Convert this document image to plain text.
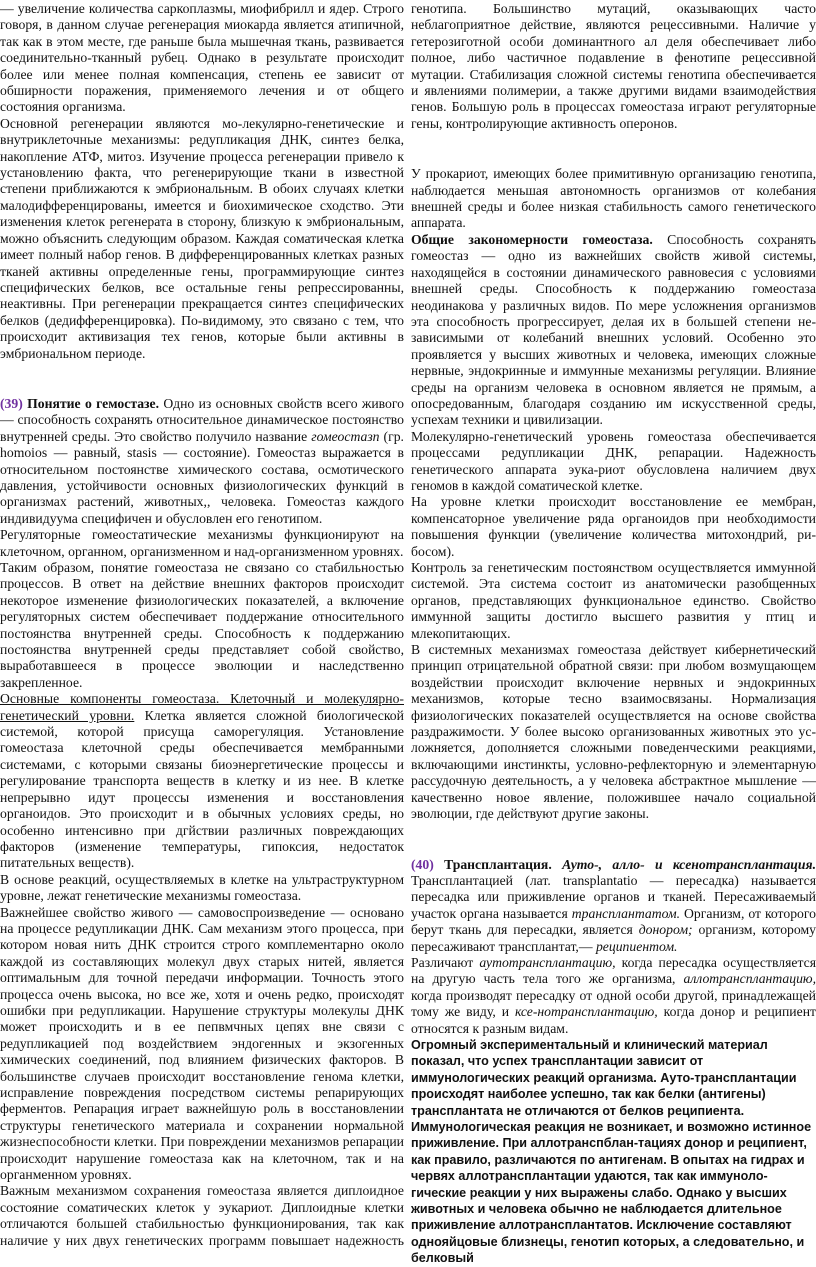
— увеличение количества саркоплазмы, миофибрилл и ядер. Строго говоря, в данном случае регенерация миокарда является атипичной, так как в этом месте, где раньше была мышечная ткань, развивается соединительно-тканный рубец. Однако в результате происходит более или менее полная компенсация, степень ее зависит от обширности поражения, применяемого лечения и от общего состояния организма.

Основной регенерации являются мо-лекулярно-генетические и внутриклеточные механизмы: редупликация ДНК, синтез белка, накопление АТФ, митоз. Изучение процесса регенерации привело к установлению факта, что регенерирующие ткани в известной степени приближаются к эмбриональным. В обоих случаях клетки малодифференцированы, имеется и биохимическое сходство. Эти изменения клеток регенерата в сторону, близкую к эмбриональным, можно объяснить следующим образом. Каждая соматическая клетка имеет полный набор генов. В дифференцированных клетках разных тканей активны определенные гены, программирующие синтез специфических белков, все остальные гены репрессированны, неактивны. При регенерации прекращается синтез специфических белков (дедифференцировка). По-видимому, это связано с тем, что происходит активизация тех генов, которые были активны в эмбриональном периоде.

(39) Понятие о гемостазе. Одно из основных свойств всего живого — способность сохранять относительное динамическое постоянство внутренней среды. Это свойство получило название гомеостазп (гр. homoios — равный, stasis — состояние). Гомеостаз выражается в относительном постоянстве химического состава, осмотического давления, устойчивости основных физиологических функций в организмах растений, животных,, человека. Гомеостаз каждого индивидуума специфичен и обусловлен его генотипом.

Регуляторные гомеостатические механизмы функционируют на клеточном, органном, организменном и над-организменном уровнях.

Таким образом, понятие гомеостаза не связано со стабильностью процессов. В ответ на действие внешних факторов происходит некоторое изменение физиологических показателей, а включение регуляторных систем обеспечивает поддержание относительного постоянства внутренней среды. Способность к поддержанию постоянства внутренней среды представляет собой свойство, выработавшееся в процессе эволюции и наследственно закрепленное.

Основные компоненты гомеостаза. Клеточный и молекулярно-генетический уровни. Клетка является сложной биологической системой, которой присуща саморегуляция. Установление гомеостаза клеточной среды обеспечивается мембранными системами, с которыми связаны биоэнергетические процессы и регулирование транспорта веществ в клетку и из нее. В клетке непрерывно идут процессы изменения и восстановления органоидов. Это происходит и в обычных условиях среды, но особенно интенсивно при дгйствии различных повреждающих факторов (изменение температуры, гипоксия, недостаток питательных веществ).

В основе реакций, осуществляемых в клетке на ультраструктурном уровне, лежат генетические механизмы гомеостаза.

Важнейшее свойство живого — самовоспроизведение — основано на процессе редупликации ДНК. Сам механизм этого процесса, при котором новая нить ДНК строится строго комплементарно около каждой из составляющих молекул двух старых нитей, является оптимальным для точной передачи информации. Точность этого процесса очень высока, но все же, хотя и очень редко, происходят ошибки при редупликации. Нарушение структуры молекулы ДНК может происходить и в ее пепвмчных цепях вне связи с редупликацией под воздействием эндогенных и экзогенных химических соединений, под влиянием физических факторов. В большинстве случаев происходит восстановление генома клетки, исправление повреждения посредством системы репарирующих ферментов. Репарация играет важнейшую роль в восстановлении структуры генетического материала и сохранении нормальной жизнеспособности клетки. При повреждении механизмов репарации происходит нарушение гомеостаза как на клеточном, так и на органменном уровнях.

Важным механизмом сохранения гомеостаза является диплоидное состояние соматических клеток у эукариот. Диплоидные клетки отличаются большей стабильностью функционирования, так как наличие у них двух генетических программ повышает надежность

генотипа. Большинство мутаций, оказывающих часто неблагоприятное действие, являются рецессивными. Наличие у гетерозиготной особи доминантного ал деля обеспечивает либо полное, либо частичное подавление в фенотипе рецессивной мутации. Стабилизация сложной системы генотипа обеспечивается и явлениями полимерии, а также другими видами взаимодействия генов. Большую роль в процессах гомеостаза играют регуляторные гены, контролирующие активность оперонов.

У прокариот, имеющих более примитивную организацию генотипа, наблюдается меньшая автономность организмов от колебания внешней среды и более низкая стабильность самого генетического аппарата.

Общие закономерности гомеостаза. Способность сохранять гомеостаз — одно из важнейших свойств живой системы, находящейся в состоянии динамического равновесия с условиями внешней среды. Способность к поддержанию гомеостаза неодинакова у различных видов. По мере усложнения организмов эта способность прогрессирует, делая их в большей степени независимыми от колебаний внешних условий. Особенно это проявляется у высших животных и человека, имеющих сложные нервные, эндокринные и иммунные механизмы регуляции. Влияние среды на организм человека в основном является не прямым, а опосредованным, благодаря созданию им искусственной среды, успехам техники и цивилизации.

Молекулярно-генетический уровень гомеостаза обеспечивается процессами редупликации ДНК, репарации. Надежность генетического аппарата эука-риот обусловлена наличием двух геномов в каждой соматической клетке.

На уровне клетки происходит восстановление ее мембран, компенсаторное увеличение ряда органоидов при необходимости повышения функции (увеличение количества митохондрий, рибосом).

Контроль за генетическим постоянством осуществляется иммунной системой. Эта система состоит из анатомически разобщенных органов, представляющих функциональное единство. Свойство иммунной защиты достигло высшего развития у птиц и млекопитающих.

В системных механизмах гомеостаза действует кибернетический принцип отрицательной обратной связи: при любом возмущающем воздействии происходит включение нервных и эндокринных механизмов, которые тесно взаимосвязаны. Нормализация физиологических показателей осуществляется на основе свойства раздражимости. У более высоко организованных животных это усложняется, дополняется сложными поведенческими реакциями, включающими инстинкты, условно-рефлекторную и элементарную рассудочную деятельность, а у человека абстрактное мышление — качественно новое явление, положившее начало социальной эволюции, где действуют другие законы.

(40) Трансплантация. Ауто-, алло- и ксенотрансплантация. Трансплантацией (лат. transplantatio — пересадка) называется пересадка или приживление органов и тканей. Пересаживаемый участок органа называется трансплантатом. Организм, от которого берут ткань для пересадки, является донором; организм, которому пересаживают трансплантат,— реципиентом.

Различают аутотрансплантацию, когда пересадка осуществляется на другую часть тела того же организма, аллотрансплантацию, когда производят пересадку от одной особи другой, принадлежащей тому же виду, и ксе-нотрансплантацию, когда донор и реципиент относятся к разным видам.

Огромный экспериментальный и клинический материал показал, что успех трансплантации зависит от иммунологических реакций организма. Ауто-трансплантации происходят наиболее успешно, так как белки (антигены) трансплантата не отличаются от белков реципиента. Иммунологическая реакция не возникает, и возможно истинное приживление. При аллотранспблан-тациях донор и реципиент, как правило, различаются по антигенам. В опытах на гидрах и червях аллотрансплантации удаются, так как иммунологические реакции у них выражены слабо. Однако у высших животных и человека обычно не наблюдается длительное приживление аллотрансплантатов. Исключение составляют однояйцовые близнецы, генотип которых, а следовательно, и белковый
